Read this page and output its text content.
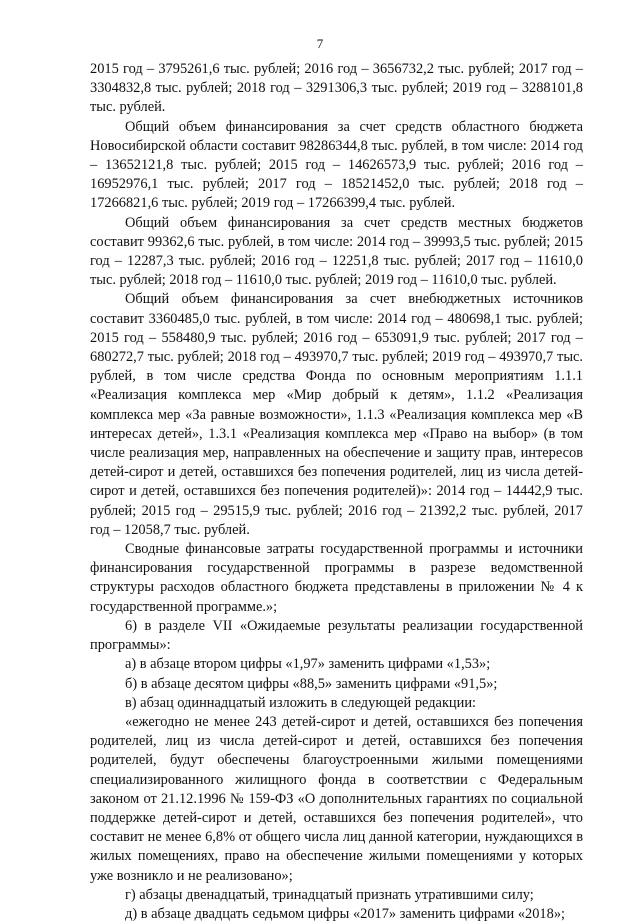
7

2015 год – 3795261,6 тыс. рублей; 2016 год – 3656732,2 тыс. рублей; 2017 год – 3304832,8 тыс. рублей; 2018 год – 3291306,3 тыс. рублей; 2019 год – 3288101,8 тыс. рублей.

Общий объем финансирования за счет средств областного бюджета Новосибирской области составит 98286344,8 тыс. рублей, в том числе: 2014 год – 13652121,8 тыс. рублей; 2015 год – 14626573,9 тыс. рублей; 2016 год – 16952976,1 тыс. рублей; 2017 год – 18521452,0 тыс. рублей; 2018 год – 17266821,6 тыс. рублей; 2019 год – 17266399,4 тыс. рублей.

Общий объем финансирования за счет средств местных бюджетов составит 99362,6 тыс. рублей, в том числе: 2014 год – 39993,5 тыс. рублей; 2015 год – 12287,3 тыс. рублей; 2016 год – 12251,8 тыс. рублей; 2017 год – 11610,0 тыс. рублей; 2018 год – 11610,0 тыс. рублей; 2019 год – 11610,0 тыс. рублей.

Общий объем финансирования за счет внебюджетных источников составит 3360485,0 тыс. рублей, в том числе: 2014 год – 480698,1 тыс. рублей; 2015 год – 558480,9 тыс. рублей; 2016 год – 653091,9 тыс. рублей; 2017 год – 680272,7 тыс. рублей; 2018 год – 493970,7 тыс. рублей; 2019 год – 493970,7 тыс. рублей, в том числе средства Фонда по основным мероприятиям 1.1.1 «Реализация комплекса мер «Мир добрый к детям», 1.1.2 «Реализация комплекса мер «За равные возможности», 1.1.3 «Реализация комплекса мер «В интересах детей», 1.3.1 «Реализация комплекса мер «Право на выбор» (в том числе реализация мер, направленных на обеспечение и защиту прав, интересов детей-сирот и детей, оставшихся без попечения родителей, лиц из числа детей-сирот и детей, оставшихся без попечения родителей)»: 2014 год – 14442,9 тыс. рублей; 2015 год – 29515,9 тыс. рублей; 2016 год – 21392,2 тыс. рублей, 2017 год – 12058,7 тыс. рублей.

Сводные финансовые затраты государственной программы и источники финансирования государственной программы в разрезе ведомственной структуры расходов областного бюджета представлены в приложении № 4 к государственной программе.»;

6) в разделе VII «Ожидаемые результаты реализации государственной программы»:

а) в абзаце втором цифры «1,97» заменить цифрами «1,53»;

б) в абзаце десятом цифры «88,5» заменить цифрами «91,5»;

в) абзац одиннадцатый изложить в следующей редакции:

«ежегодно не менее 243 детей-сирот и детей, оставшихся без попечения родителей, лиц из числа детей-сирот и детей, оставшихся без попечения родителей, будут обеспечены благоустроенными жилыми помещениями специализированного жилищного фонда в соответствии с Федеральным законом от 21.12.1996 № 159-ФЗ «О дополнительных гарантиях по социальной поддержке детей-сирот и детей, оставшихся без попечения родителей», что составит не менее 6,8% от общего числа лиц данной категории, нуждающихся в жилых помещениях, право на обеспечение жилыми помещениями у которых уже возникло и не реализовано»;

г) абзацы двенадцатый, тринадцатый признать утратившими силу;

д) в абзаце двадцать седьмом цифры «2017» заменить цифрами «2018»;
